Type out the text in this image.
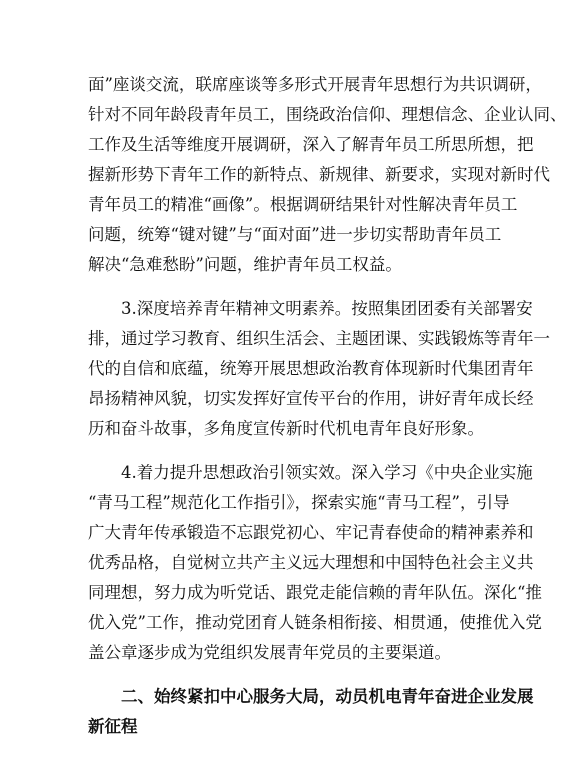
面”座谈交流，联席座谈等多形式开展青年思想行为共识调研，
针对不同年龄段青年员工，围绕政治信仰、理想信念、企业认同、
工作及生活等维度开展调研，深入了解青年员工所思所想，把
握新形势下青年工作的新特点、新规律、新要求，实现对新时代
青年员工的精准“画像”。根据调研结果针对性解决青年员工
问题，统筹“键对键”与“面对面”进一步切实帮助青年员工
解决“急难愁盼”问题，维护青年员工权益。
3.深度培养青年精神文明素养。按照集团团委有关部署安
排，通过学习教育、组织生活会、主题团课、实践锻炼等青年一
代的自信和底蕴，统筹开展思想政治教育体现新时代集团青年
昂扬精神风貌，切实发挥好宣传平台的作用，讲好青年成长经
历和奋斗故事，多角度宣传新时代机电青年良好形象。
4.着力提升思想政治引领实效。深入学习《中央企业实施
“青马工程”规范化工作指引》，探索实施“青马工程”，引导
广大青年传承锻造不忘跟党初心、牢记青春使命的精神素养和
优秀品格，自觉树立共产主义远大理想和中国特色社会主义共
同理想，努力成为听党话、跟党走能信赖的青年队伍。深化“推
优入党”工作，推动党团育人链条相衔接、相贯通，使推优入党
盖公章逐步成为党组织发展青年党员的主要渠道。
二、始终紧扣中心服务大局，动员机电青年奋进企业发展
新征程
